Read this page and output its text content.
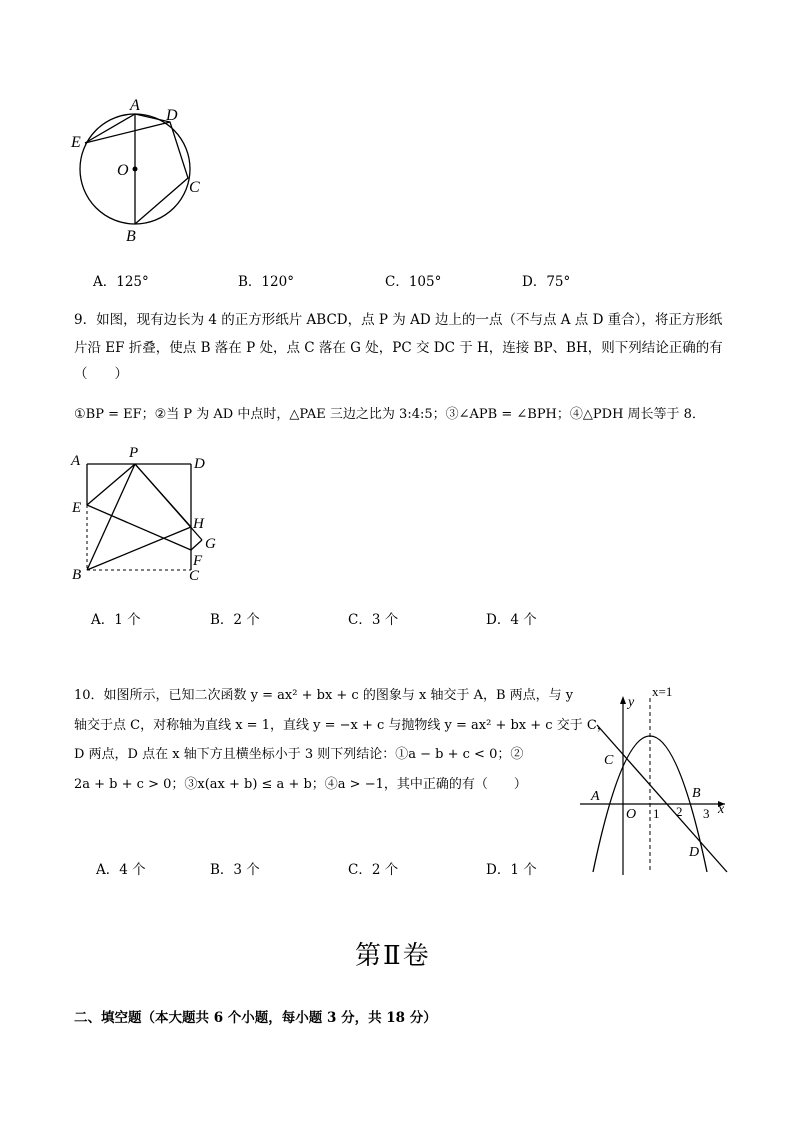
A
D
E
O
C
B
A．125°	B．120°	C．105°	D．75°
9．如图，现有边长为 4 的正方形纸片 ABCD，点 P 为 AD 边上的一点（不与点 A 点 D 重合），将正方形纸
片沿 EF 折叠，使点 B 落在 P 处，点 C 落在 G 处，PC 交 DC 于 H，连接 BP、BH，则下列结论正确的有
（　　）
①BP = EF；②当 P 为 AD 中点时，△PAE 三边之比为 3:4:5；③∠APB = ∠BPH；④△PDH 周长等于 8．
A	P
D
E
H
G
F
B	C
A．1 个	B．2 个	C．3 个	D．4 个
10．如图所示，已知二次函数 y = ax² + bx + c 的图象与 x 轴交于 A，B 两点，与 y
轴交于点 C，对称轴为直线 x = 1，直线 y = −x + c 与抛物线 y = ax² + bx + c 交于 C，
D 两点，D 点在 x 轴下方且横坐标小于 3 则下列结论：①a − b + c < 0；②
2a + b + c > 0；③x(ax + b) ≤ a + b；④a > −1，其中正确的有（　　）
x=1
y
x
O
A	B
C
D
1 2 3
A．4 个	B．3 个	C．2 个	D．1 个
第Ⅱ卷
二、填空题（本大题共 6 个小题，每小题 3 分，共 18 分）
